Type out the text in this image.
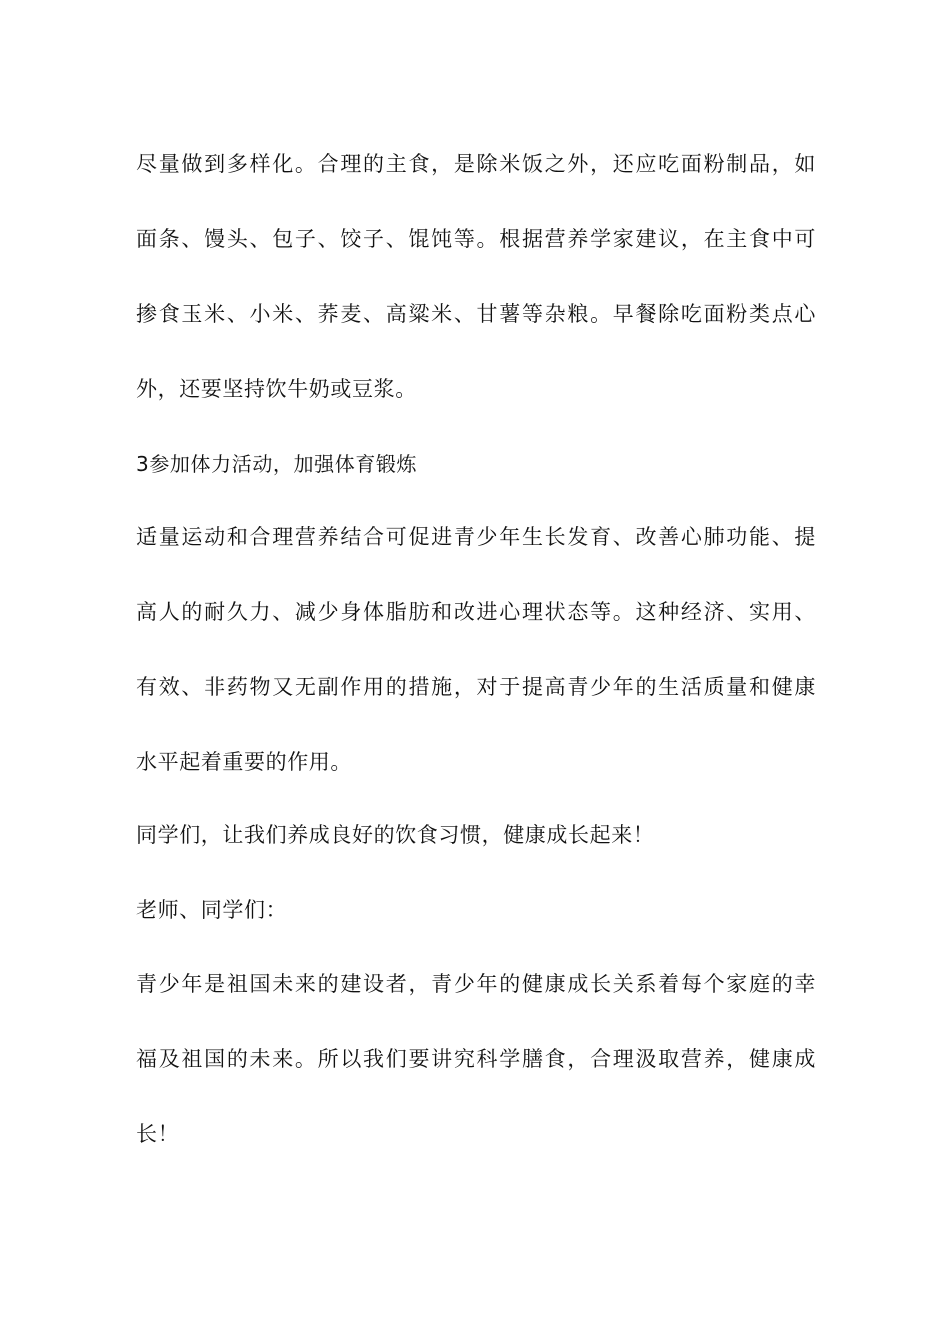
尽量做到多样化。合理的主食，是除米饭之外，还应吃面粉制品，如
面条、馒头、包子、饺子、馄饨等。根据营养学家建议，在主食中可
掺食玉米、小米、荞麦、高粱米、甘薯等杂粮。早餐除吃面粉类点心
外，还要坚持饮牛奶或豆浆。
3参加体力活动，加强体育锻炼
适量运动和合理营养结合可促进青少年生长发育、改善心肺功能、提
高人的耐久力、减少身体脂肪和改进心理状态等。这种经济、实用、
有效、非药物又无副作用的措施，对于提高青少年的生活质量和健康
水平起着重要的作用。
同学们，让我们养成良好的饮食习惯，健康成长起来！
老师、同学们：
青少年是祖国未来的建设者，青少年的健康成长关系着每个家庭的幸
福及祖国的未来。所以我们要讲究科学膳食，合理汲取营养，健康成
长！
